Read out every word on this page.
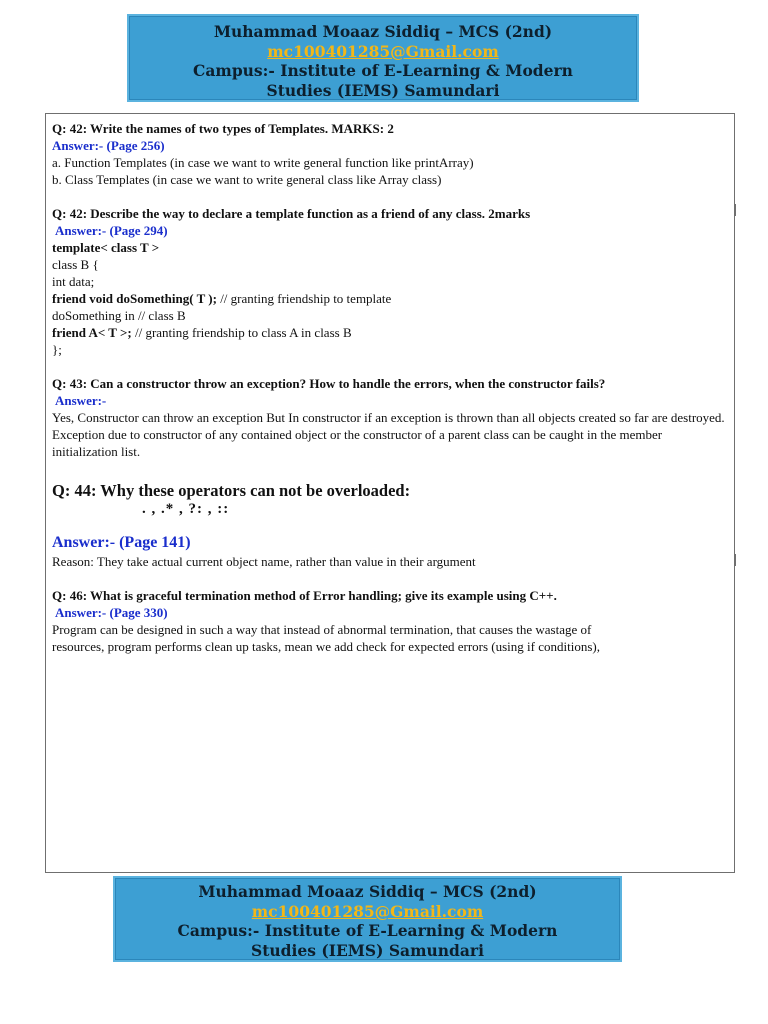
Muhammad Moaaz Siddiq – MCS (2nd)
mc100401285@Gmail.com
Campus:- Institute of E-Learning & Modern
Studies (IEMS) Samundari

Q: 42: Write the names of two types of Templates. MARKS: 2

Answer:- (Page 256)

a. Function Templates (in case we want to write general function like printArray)

b. Class Templates (in case we want to write general class like Array class)

Q: 42: Describe the way to declare a template function as a friend of any class. 2marks

Answer:- (Page 294)

template< class T >

class B {

int data;

friend void doSomething( T ); // granting friendship to template

doSomething in // class B

friend A< T >; // granting friendship to class A in class B

};

Q: 43: Can a constructor throw an exception? How to handle the errors, when the constructor fails?

Answer:-

Yes, Constructor can throw an exception But In constructor if an exception is thrown than all objects created so far are destroyed. Exception due to constructor of any contained object or the constructor of a parent class can be caught in the member initialization list.

Q: 44: Why these operators can not be overloaded:

. , .* , ?: , ::

Answer:- (Page 141)

Reason: They take actual current object name, rather than value in their argument

Q: 46: What is graceful termination method of Error handling; give its example using C++.

Answer:- (Page 330)

Program can be designed in such a way that instead of abnormal termination, that causes the wastage of

resources, program performs clean up tasks, mean we add check for expected errors (using if conditions),

Muhammad Moaaz Siddiq – MCS (2nd)
mc100401285@Gmail.com
Campus:- Institute of E-Learning & Modern
Studies (IEMS) Samundari
